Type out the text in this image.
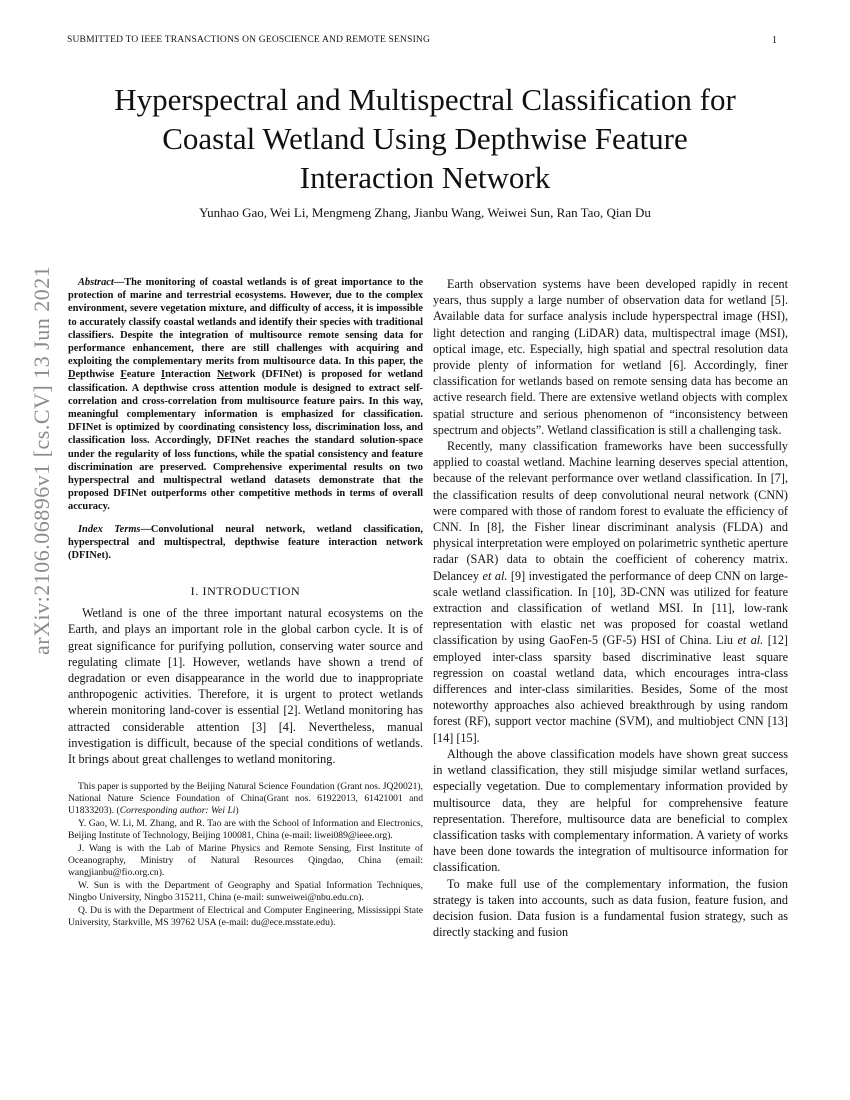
SUBMITTED TO IEEE TRANSACTIONS ON GEOSCIENCE AND REMOTE SENSING	1
Hyperspectral and Multispectral Classification for
Coastal Wetland Using Depthwise Feature
Interaction Network
Yunhao Gao, Wei Li, Mengmeng Zhang, Jianbu Wang, Weiwei Sun, Ran Tao, Qian Du
arXiv:2106.06896v1 [cs.CV] 13 Jun 2021	Abstract—The monitoring of coastal wetlands is of great importance to the protection of marine and terrestrial ecosystems. However, due to the complex environment, severe vegetation mixture, and difficulty of access, it is impossible to accurately classify coastal wetlands and identify their species with traditional classifiers. Despite the integration of multisource remote sensing data for performance enhancement, there are still challenges with acquiring and exploiting the complementary merits from multisource data. In this paper, the Depthwise Feature Interaction Network (DFINet) is proposed for wetland classification. A depthwise cross attention module is designed to extract self-correlation and cross-correlation from multisource feature pairs. In this way, meaningful complementary information is emphasized for classification. DFINet is optimized by coordinating consistency loss, discrimination loss, and classification loss. Accordingly, DFINet reaches the standard solution-space under the regularity of loss functions, while the spatial consistency and feature discrimination are preserved. Comprehensive experimental results on two hyperspectral and multispectral wetland datasets demonstrate that the proposed DFINet outperforms other competitive methods in terms of overall accuracy.

Index Terms—Convolutional neural network, wetland classification, hyperspectral and multispectral, depthwise feature interaction network (DFINet).

I. INTRODUCTION

Wetland is one of the three important natural ecosystems on the Earth, and plays an important role in the global carbon cycle. It is of great significance for purifying pollution, conserving water source and regulating climate [1]. However, wetlands have shown a trend of degradation or even disappearance in the world due to inappropriate anthropogenic activities. Therefore, it is urgent to protect wetlands wherein monitoring land-cover is essential [2]. Wetland monitoring has attracted considerable attention [3] [4]. Nevertheless, manual investigation is difficult, because of the special conditions of wetlands. It brings about great challenges to wetland monitoring.

This paper is supported by the Beijing Natural Science Foundation (Grant nos. JQ20021), National Nature Science Foundation of China(Grant nos. 61922013, 61421001 and U1833203). (Corresponding author: Wei Li)

Y. Gao, W. Li, M. Zhang, and R. Tao are with the School of Information and Electronics, Beijing Institute of Technology, Beijing 100081, China (e-mail: liwei089@ieee.org).

J. Wang is with the Lab of Marine Physics and Remote Sensing, First Institute of Oceanography, Ministry of Natural Resources Qingdao, China (email: wangjianbu@fio.org.cn).

W. Sun is with the Department of Geography and Spatial Information Techniques, Ningbo University, Ningbo 315211, China (e-mail: sunweiwei@nbu.edu.cn).

Q. Du is with the Department of Electrical and Computer Engineering, Mississippi State University, Starkville, MS 39762 USA (e-mail: du@ece.msstate.edu).

Earth observation systems have been developed rapidly in recent years, thus supply a large number of observation data for wetland [5]. Available data for surface analysis include hyperspectral image (HSI), light detection and ranging (LiDAR) data, multispectral image (MSI), optical image, etc. Especially, high spatial and spectral resolution data provide plenty of information for wetland [6]. Accordingly, finer classification for wetlands based on remote sensing data has become an active research field. There are extensive wetland objects with complex spatial structure and serious phenomenon of “inconsistency between spectrum and objects”. Wetland classification is still a challenging task.

Recently, many classification frameworks have been successfully applied to coastal wetland. Machine learning deserves special attention, because of the relevant performance over wetland classification. In [7], the classification results of deep convolutional neural network (CNN) were compared with those of random forest to evaluate the efficiency of CNN. In [8], the Fisher linear discriminant analysis (FLDA) and physical interpretation were employed on polarimetric synthetic aperture radar (SAR) data to obtain the coefficient of coherency matrix. Delancey et al. [9] investigated the performance of deep CNN on large-scale wetland classification. In [10], 3D-CNN was utilized for feature extraction and classification of wetland MSI. In [11], low-rank representation with elastic net was proposed for coastal wetland classification by using GaoFen-5 (GF-5) HSI of China. Liu et al. [12] employed inter-class sparsity based discriminative least square regression on coastal wetland data, which encourages intra-class differences and inter-class similarities. Besides, Some of the most noteworthy approaches also achieved breakthrough by using random forest (RF), support vector machine (SVM), and multiobject CNN [13] [14] [15].

Although the above classification models have shown great success in wetland classification, they still misjudge similar wetland surfaces, especially vegetation. Due to complementary information provided by multisource data, they are helpful for comprehensive feature representation. Therefore, multisource data are beneficial to complex classification tasks with complementary information. A variety of works have been done towards the integration of multisource information for classification.

To make full use of the complementary information, the fusion strategy is taken into accounts, such as data fusion, feature fusion, and decision fusion. Data fusion is a fundamental fusion strategy, such as directly stacking and fusion
